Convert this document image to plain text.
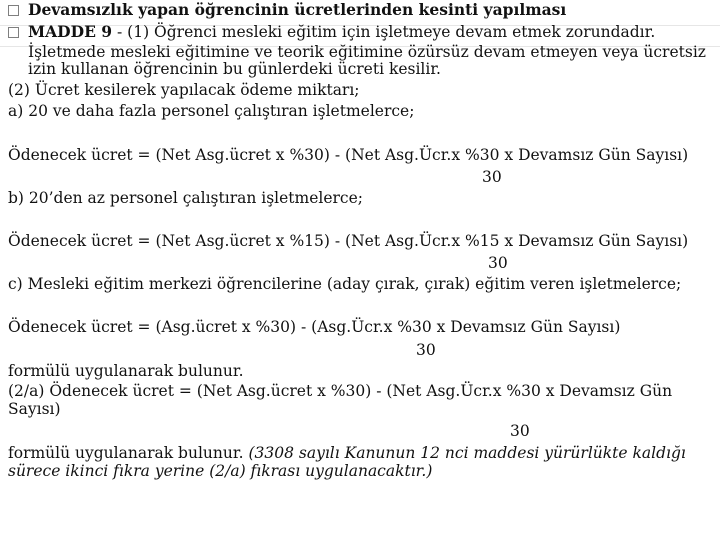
Devamsızlık yapan öğrencinin ücretlerinden kesinti yapılması
MADDE 9 - (1) Öğrenci mesleki eğitim için işletmeye devam etmek zorundadır.
İşletmede mesleki eğitimine ve teorik eğitimine özürsüz devam etmeyen veya ücretsiz
izin kullanan öğrencinin bu günlerdeki ücreti kesilir.
(2) Ücret kesilerek yapılacak ödeme miktarı;
a) 20 ve daha fazla personel çalıştıran işletmelerce;
Ödenecek ücret = (Net Asg.ücret x %30) - (Net Asg.Ücr.x %30 x Devamsız Gün Sayısı)
30
b) 20’den az personel çalıştıran işletmelerce;
Ödenecek ücret = (Net Asg.ücret x %15) - (Net Asg.Ücr.x %15 x Devamsız Gün Sayısı)
30
c) Mesleki eğitim merkezi öğrencilerine (aday çırak, çırak) eğitim veren işletmelerce;
Ödenecek ücret = (Asg.ücret x %30) - (Asg.Ücr.x %30 x Devamsız Gün Sayısı)
30
formülü uygulanarak bulunur.
(2/a) Ödenecek ücret = (Net Asg.ücret x %30) - (Net Asg.Ücr.x %30 x Devamsız Gün
Sayısı)
30
formülü uygulanarak bulunur. (3308 sayılı Kanunun 12 nci maddesi yürürlükte kaldığı
sürece ikinci fıkra yerine (2/a) fıkrası uygulanacaktır.)
